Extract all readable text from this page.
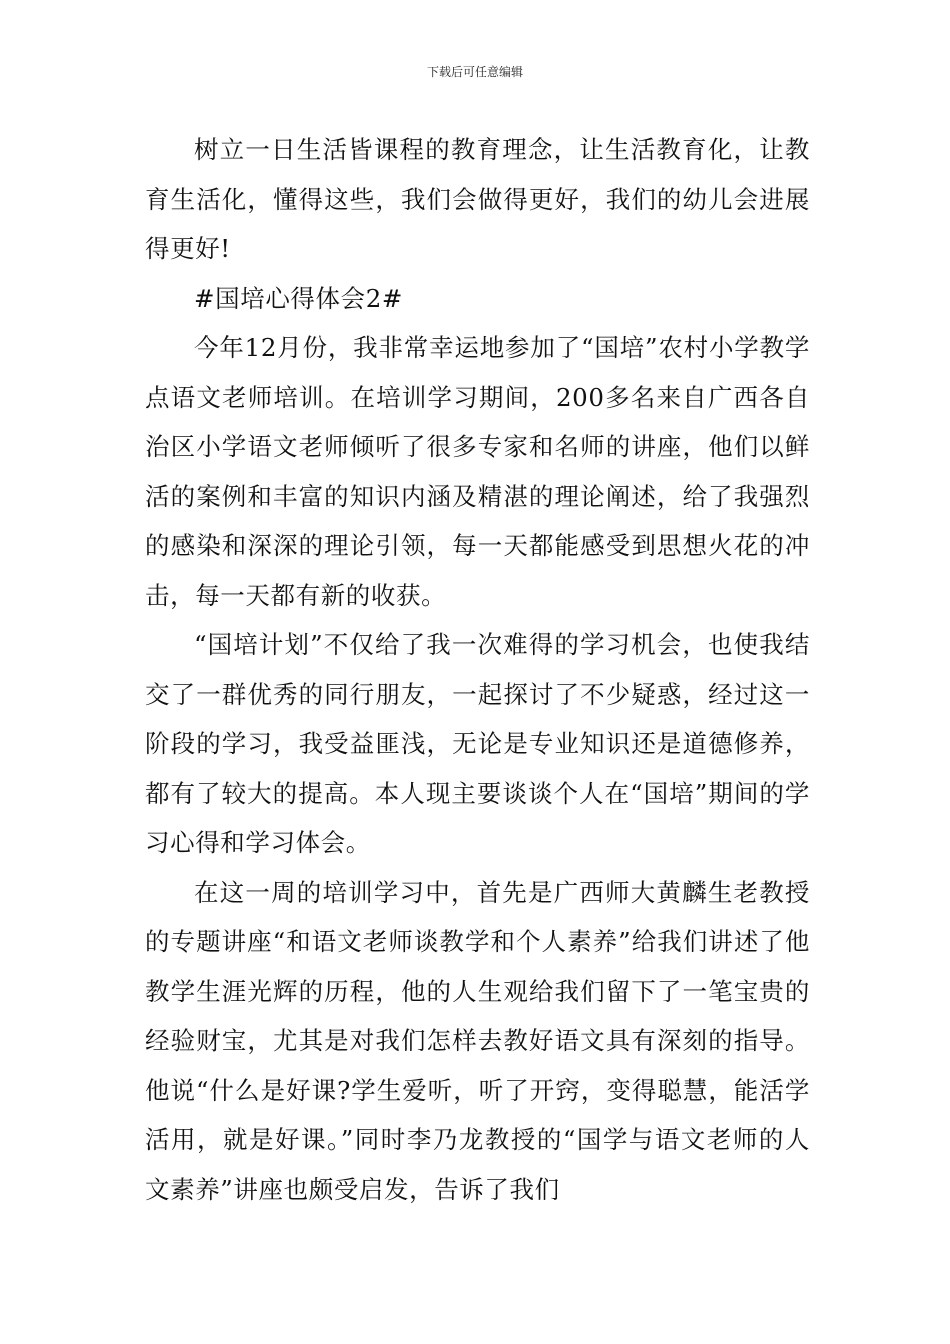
下载后可任意编辑

树立一日生活皆课程的教育理念，让生活教育化，让教育生活化，懂得这些，我们会做得更好，我们的幼儿会进展得更好!

#国培心得体会2#

今年12月份，我非常幸运地参加了“国培”农村小学教学点语文老师培训。在培训学习期间，200多名来自广西各自治区小学语文老师倾听了很多专家和名师的讲座，他们以鲜活的案例和丰富的知识内涵及精湛的理论阐述，给了我强烈的感染和深深的理论引领，每一天都能感受到思想火花的冲击，每一天都有新的收获。

“国培计划”不仅给了我一次难得的学习机会，也使我结交了一群优秀的同行朋友，一起探讨了不少疑惑，经过这一阶段的学习，我受益匪浅，无论是专业知识还是道德修养，都有了较大的提高。本人现主要谈谈个人在“国培”期间的学习心得和学习体会。

在这一周的培训学习中，首先是广西师大黄麟生老教授的专题讲座“和语文老师谈教学和个人素养”给我们讲述了他教学生涯光辉的历程，他的人生观给我们留下了一笔宝贵的经验财宝，尤其是对我们怎样去教好语文具有深刻的指导。他说“什么是好课?学生爱听，听了开窍，变得聪慧，能活学活用，就是好课。”同时李乃龙教授的“国学与语文老师的人文素养”讲座也颇受启发，告诉了我们
